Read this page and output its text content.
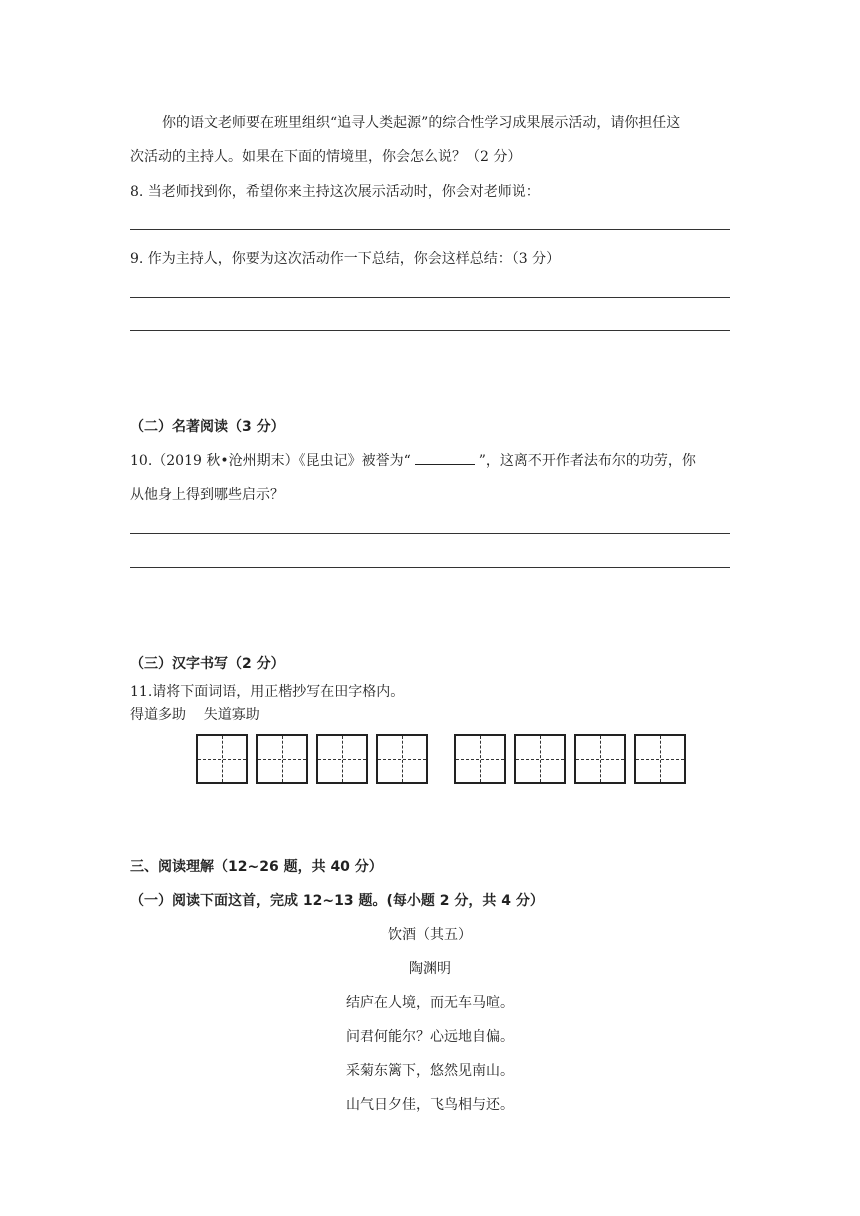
你的语文老师要在班里组织“追寻人类起源”的综合性学习成果展示活动，请你担任这
次活动的主持人。如果在下面的情境里，你会怎么说？（2 分）
8. 当老师找到你，希望你来主持这次展示活动时，你会对老师说：
9. 作为主持人，你要为这次活动作一下总结，你会这样总结：（3 分）
（二）名著阅读（3 分）
10.（2019 秋•沧州期末）《昆虫记》被誉为“	”，这离不开作者法布尔的功劳，你
从他身上得到哪些启示？
（三）汉字书写（2 分）
11.请将下面词语，用正楷抄写在田字格内。
得道多助    失道寡助
三、阅读理解（12~26 题，共 40 分）
（一）阅读下面这首，完成 12~13 题。(每小题 2 分，共 4 分）
饮酒（其五）
陶渊明
结庐在人境，而无车马喧。
问君何能尔？心远地自偏。
采菊东篱下，悠然见南山。
山气日夕佳，飞鸟相与还。
